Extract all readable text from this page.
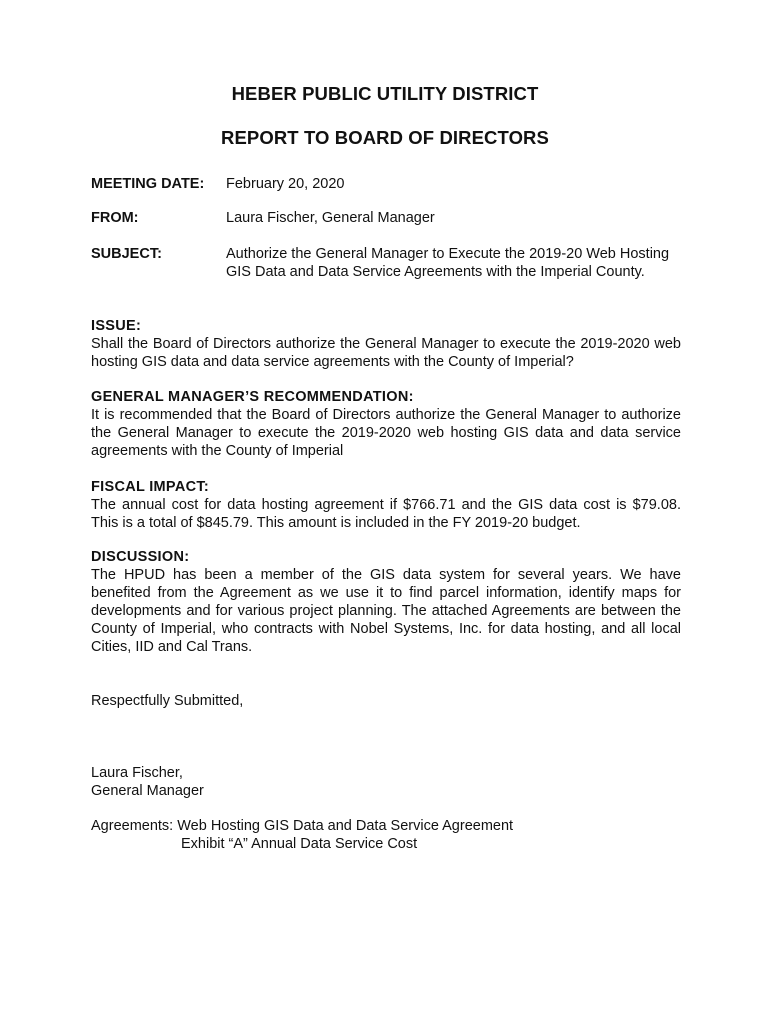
HEBER PUBLIC UTILITY DISTRICT
REPORT TO BOARD OF DIRECTORS
MEETING DATE: February 20, 2020
FROM:	Laura Fischer, General Manager
SUBJECT:	Authorize the General Manager to Execute the 2019-20 Web Hosting GIS Data and Data Service Agreements with the Imperial County.
ISSUE:

Shall the Board of Directors authorize the General Manager to execute the 2019-2020 web hosting GIS data and data service agreements with the County of Imperial?

GENERAL MANAGER’S RECOMMENDATION:

It is recommended that the Board of Directors authorize the General Manager to authorize the General Manager to execute the 2019-2020 web hosting GIS data and data service agreements with the County of Imperial

FISCAL IMPACT:

The annual cost for data hosting agreement if $766.71 and the GIS data cost is $79.08. This is a total of $845.79. This amount is included in the FY 2019-20 budget.

DISCUSSION:

The HPUD has been a member of the GIS data system for several years. We have benefited from the Agreement as we use it to find parcel information, identify maps for developments and for various project planning. The attached Agreements are between the County of Imperial, who contracts with Nobel Systems, Inc. for data hosting, and all local Cities, IID and Cal Trans.

Respectfully Submitted,
Laura Fischer,
General Manager
Agreements: Web Hosting GIS Data and Data Service Agreement
Exhibit “A” Annual Data Service Cost
